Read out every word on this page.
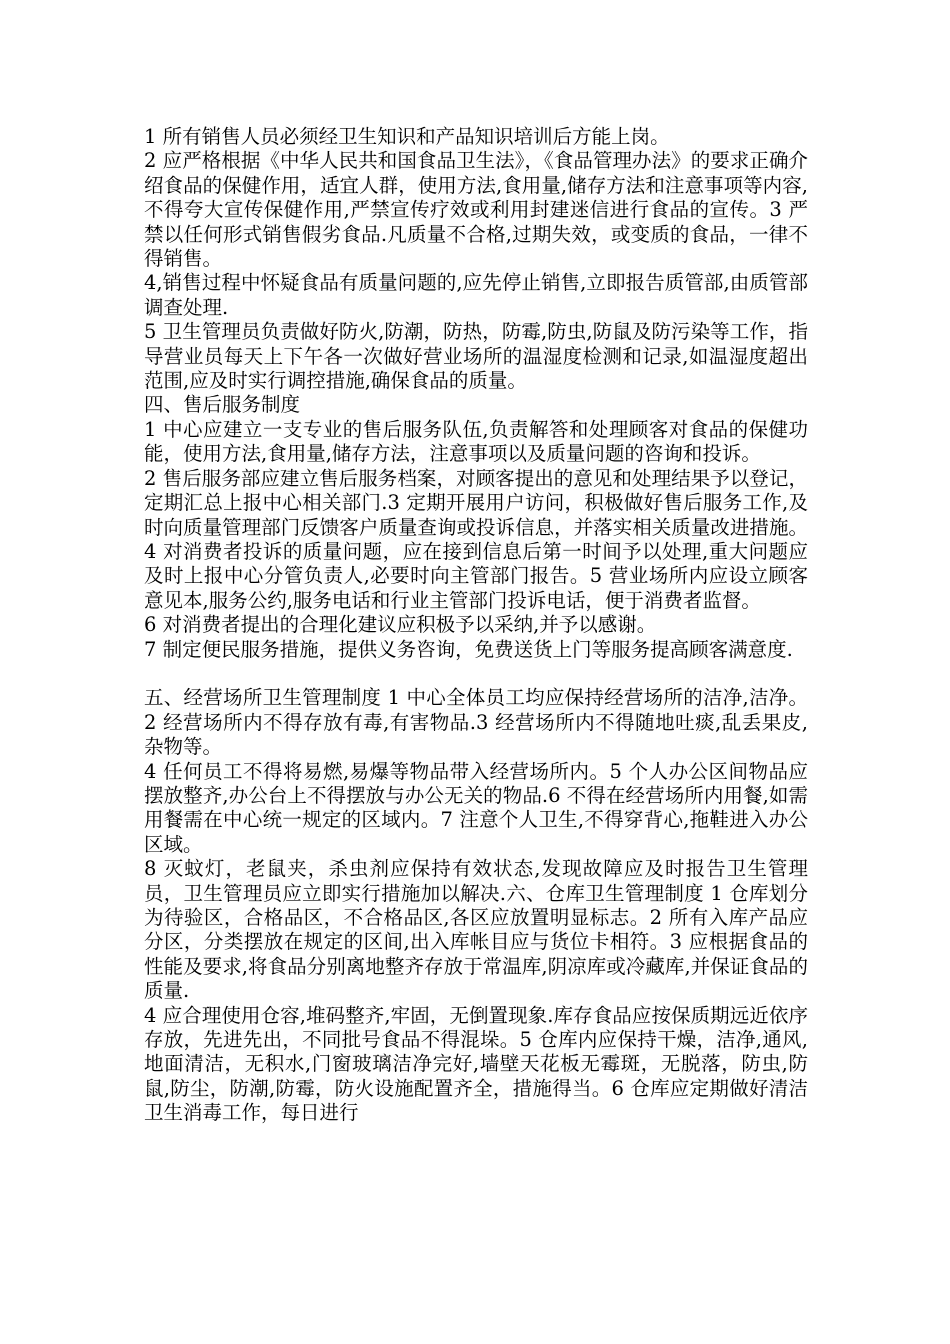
1 所有销售人员必须经卫生知识和产品知识培训后方能上岗。

2 应严格根据《中华人民共和国食品卫生法》，《食品管理办法》的要求正确介绍食品的保健作用，适宜人群，使用方法,食用量,储存方法和注意事项等内容,不得夸大宣传保健作用,严禁宣传疗效或利用封建迷信进行食品的宣传。3 严禁以任何形式销售假劣食品.凡质量不合格,过期失效，或变质的食品，一律不得销售。

4,销售过程中怀疑食品有质量问题的,应先停止销售,立即报告质管部,由质管部调查处理.

5 卫生管理员负责做好防火,防潮，防热，防霉,防虫,防鼠及防污染等工作，指导营业员每天上下午各一次做好营业场所的温湿度检测和记录,如温湿度超出范围,应及时实行调控措施,确保食品的质量。

四、售后服务制度

1 中心应建立一支专业的售后服务队伍,负责解答和处理顾客对食品的保健功能，使用方法,食用量,储存方法，注意事项以及质量问题的咨询和投诉。

2 售后服务部应建立售后服务档案，对顾客提出的意见和处理结果予以登记，定期汇总上报中心相关部门.3 定期开展用户访问，积极做好售后服务工作,及时向质量管理部门反馈客户质量查询或投诉信息，并落实相关质量改进措施。4 对消费者投诉的质量问题，应在接到信息后第一时间予以处理,重大问题应及时上报中心分管负责人,必要时向主管部门报告。5 营业场所内应设立顾客意见本,服务公约,服务电话和行业主管部门投诉电话，便于消费者监督。

6 对消费者提出的合理化建议应积极予以采纳,并予以感谢。

7 制定便民服务措施，提供义务咨询，免费送货上门等服务提高顾客满意度.

五、经营场所卫生管理制度 1 中心全体员工均应保持经营场所的洁净,洁净。2 经营场所内不得存放有毒,有害物品.3 经营场所内不得随地吐痰,乱丢果皮,杂物等。

4 任何员工不得将易燃,易爆等物品带入经营场所内。5 个人办公区间物品应摆放整齐,办公台上不得摆放与办公无关的物品.6 不得在经营场所内用餐,如需用餐需在中心统一规定的区域内。7 注意个人卫生,不得穿背心,拖鞋进入办公区域。

8 灭蚊灯，老鼠夹，杀虫剂应保持有效状态,发现故障应及时报告卫生管理员，卫生管理员应立即实行措施加以解决.六、仓库卫生管理制度 1 仓库划分为待验区，合格品区，不合格品区,各区应放置明显标志。2 所有入库产品应分区，分类摆放在规定的区间,出入库帐目应与货位卡相符。3 应根据食品的性能及要求,将食品分别离地整齐存放于常温库,阴凉库或冷藏库,并保证食品的质量.

4 应合理使用仓容,堆码整齐,牢固，无倒置现象.库存食品应按保质期远近依序存放，先进先出，不同批号食品不得混垛。5 仓库内应保持干燥，洁净,通风,地面清洁，无积水,门窗玻璃洁净完好,墙壁天花板无霉斑，无脱落，防虫,防鼠,防尘，防潮,防霉，防火设施配置齐全，措施得当。6 仓库应定期做好清洁卫生消毒工作，每日进行
